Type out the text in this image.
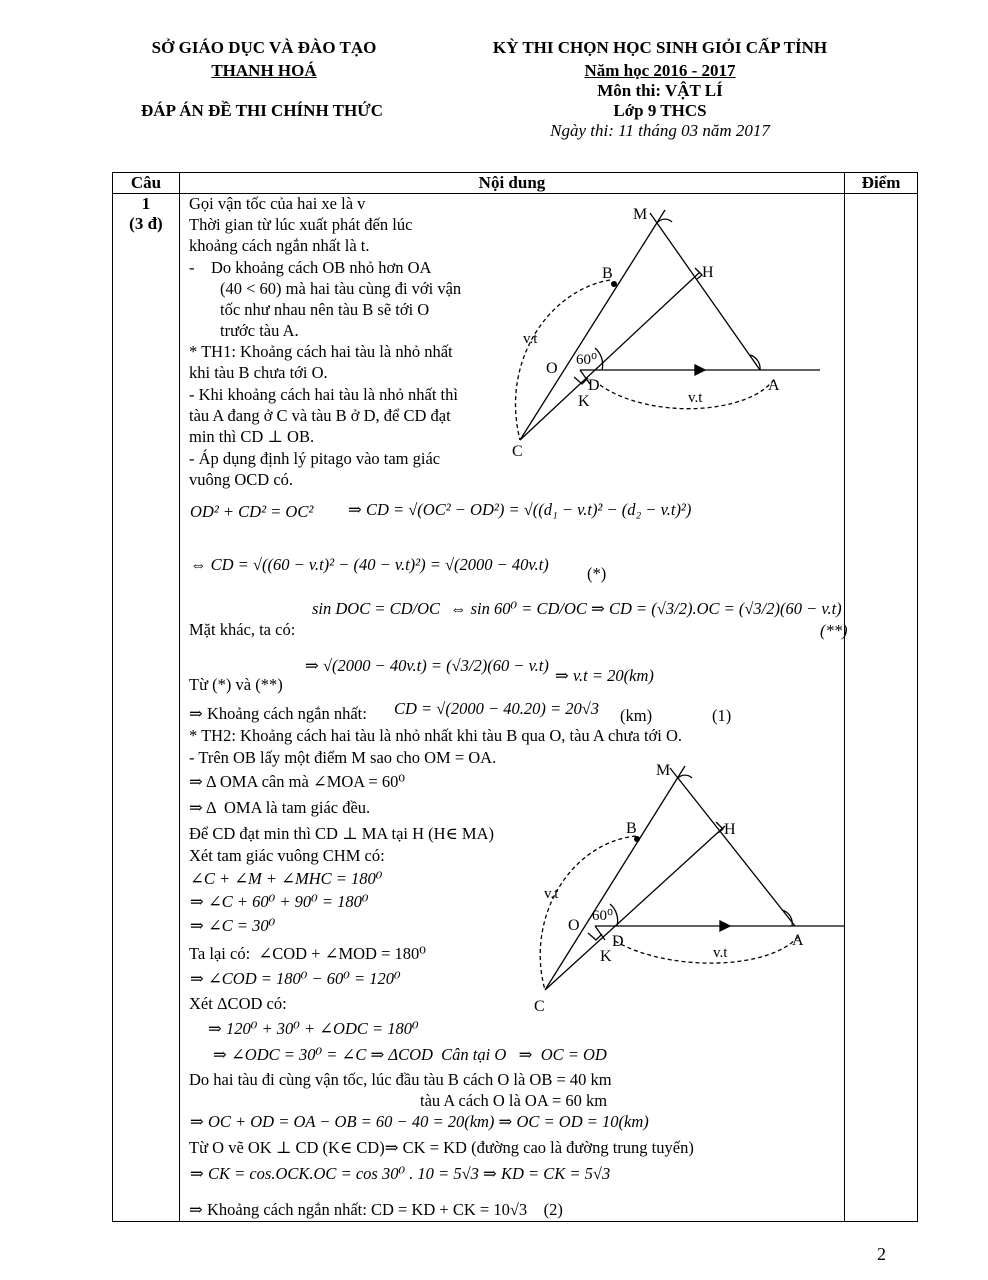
SỞ GIÁO DỤC VÀ ĐÀO TẠO
THANH HOÁ
ĐÁP ÁN ĐỀ THI CHÍNH THỨC
KỲ THI CHỌN HỌC SINH GIỎI CẤP TỈNH
Năm học 2016 - 2017
Môn thi: VẬT LÍ
Lớp 9 THCS
Ngày thi: 11 tháng 03 năm 2017
Câu	Nội dung	Điểm

1
(3 đ)		

Gọi vận tốc của hai xe là v
Thời gian từ lúc xuất phát đến lúc
khoảng cách ngắn nhất là t.
-    Do khoảng cách OB nhỏ hơn OA
(40 < 60) mà hai tàu cùng đi với vận
tốc như nhau nên tàu B sẽ tới O
trước tàu A.
* TH1: Khoảng cách hai tàu là nhỏ nhất
khi tàu B chưa tới O.
- Khi khoảng cách hai tàu là nhỏ nhất thì
tàu A đang ở C và tàu B ở D, để CD đạt
min thì CD ⊥ OB.
- Áp dụng định lý pitago vào tam giác
vuông OCD có.
OD² + CD² = OC² ⇒ CD = √(OC² − OD²) = √((d₁ − v.t)² − (d₂ − v.t)²)
⇔ CD = √((60 − v.t)² − (40 − v.t)²) = √(2000 − 40v.t) (*)
sin DOC = CD/OC ⇔ sin 60⁰ = CD/OC ⇒ CD = (√3/2).OC = (√3/2)(60 − v.t)
Mặt khác, ta có:	(**)
⇒ √(2000 − 40v.t) = (√3/2)(60 − v.t)
⇒ v.t = 20(km)
Từ (*) và (**)
⇒ Khoảng cách ngắn nhất: CD = √(2000 − 40.20) = 20√3 (km)	(1)
* TH2: Khoảng cách hai tàu là nhỏ nhất khi tàu B qua O, tàu A chưa tới O.
- Trên OB lấy một điểm M sao cho OM = OA.
⇒ Δ OMA cân mà ∠MOA = 60⁰
⇒ Δ  OMA là tam giác đều.
Để CD đạt min thì CD ⊥ MA tại H (H∈ MA)
Xét tam giác vuông CHM có:
∠C + ∠M + ∠MHC = 180⁰
⇒ ∠C + 60⁰ + 90⁰ = 180⁰
⇒ ∠C = 30⁰
Ta lại có:  ∠COD + ∠MOD = 180⁰
⇒ ∠COD = 180⁰ − 60⁰ = 120⁰
Xét ΔCOD có:
⇒ 120⁰ + 30⁰ + ∠ODC = 180⁰
⇒ ∠ODC = 30⁰ = ∠C ⇒ ΔCOD  Cân tại O   ⇒  OC = OD
Do hai tàu đi cùng vận tốc, lúc đầu tàu B cách O là OB = 40 km
tàu A cách O là OA = 60 km
⇒ OC + OD = OA − OB = 60 − 40 = 20(km) ⇒ OC = OD = 10(km)
Từ O vẽ OK ⊥ CD (K∈ CD)⇒ CK = KD (đường cao là đường trung tuyến)
⇒ CK = cos.OCK.OC = cos 30⁰ . 10 = 5√3 ⇒ KD = CK = 5√3
⇒ Khoảng cách ngắn nhất: CD = KD + CK = 10√3    (2)
M
H
B
O
D
K
A
C
60⁰
v.t
v.t
M
H
B
O
D
K
A
C
60⁰
v.t
v.t
2
